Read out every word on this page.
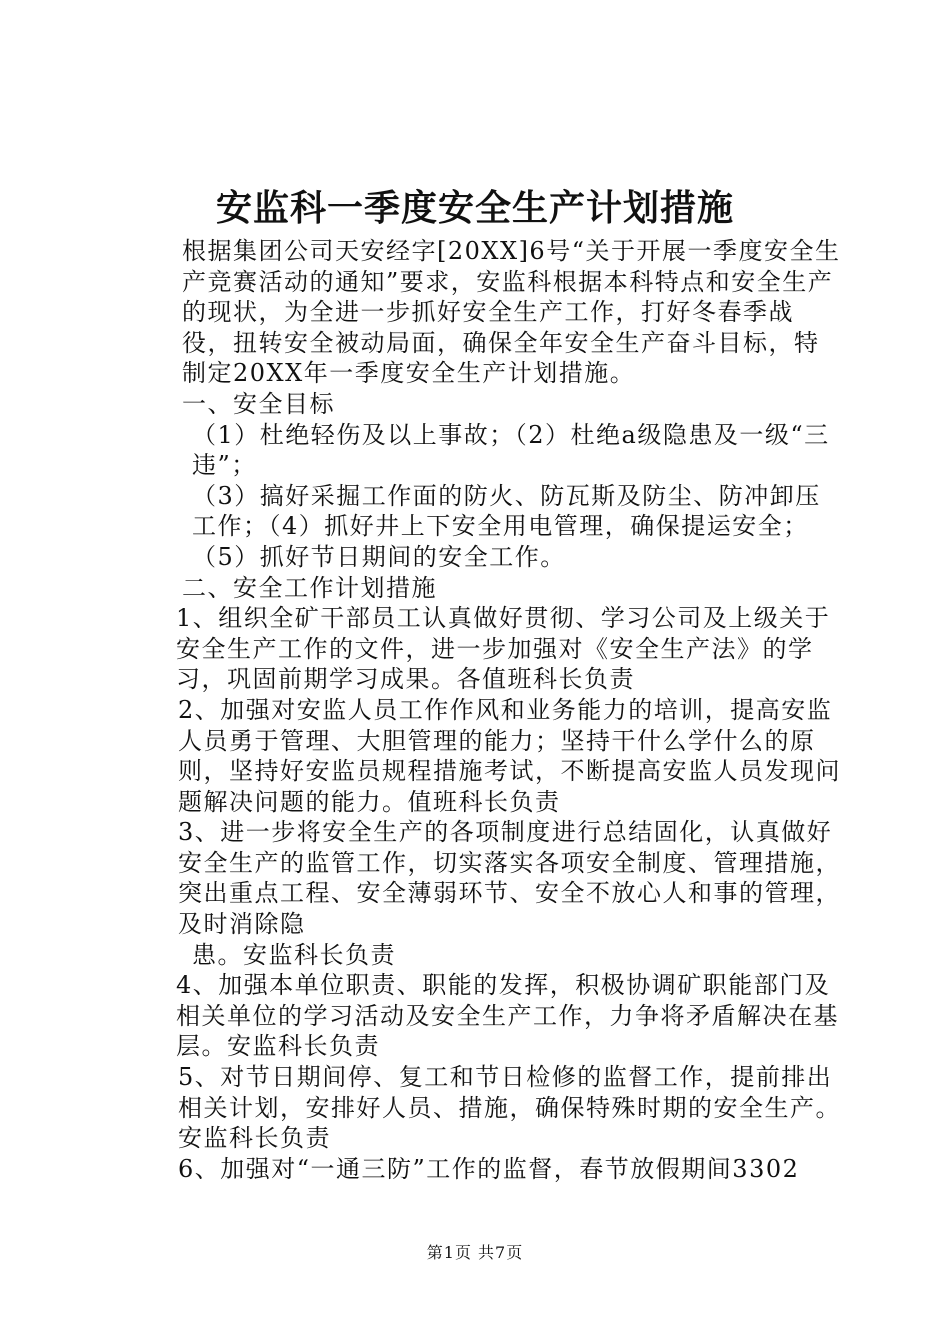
安监科一季度安全生产计划措施

根据集团公司天安经字[20XX]6号“关于开展一季度安全生产竞赛活动的通知”要求，安监科根据本科特点和安全生产的现状，为全进一步抓好安全生产工作，打好冬春季战役，扭转安全被动局面，确保全年安全生产奋斗目标，特制定20XX年一季度安全生产计划措施。

一、安全目标

（1）杜绝轻伤及以上事故；（2）杜绝a级隐患及一级“三违”；

（3）搞好采掘工作面的防火、防瓦斯及防尘、防冲卸压工作；（4）抓好井上下安全用电管理，确保提运安全；（5）抓好节日期间的安全工作。

二、安全工作计划措施

1、组织全矿干部员工认真做好贯彻、学习公司及上级关于安全生产工作的文件，进一步加强对《安全生产法》的学习，巩固前期学习成果。各值班科长负责

2、加强对安监人员工作作风和业务能力的培训，提高安监人员勇于管理、大胆管理的能力；坚持干什么学什么的原则，坚持好安监员规程措施考试，不断提高安监人员发现问题解决问题的能力。值班科长负责

3、进一步将安全生产的各项制度进行总结固化，认真做好安全生产的监管工作，切实落实各项安全制度、管理措施，突出重点工程、安全薄弱环节、安全不放心人和事的管理，及时消除隐

患。安监科长负责

4、加强本单位职责、职能的发挥，积极协调矿职能部门及相关单位的学习活动及安全生产工作，力争将矛盾解决在基层。安监科长负责

5、对节日期间停、复工和节日检修的监督工作，提前排出相关计划，安排好人员、措施，确保特殊时期的安全生产。安监科长负责

6、加强对“一通三防”工作的监督，春节放假期间3302

第1页 共7页
